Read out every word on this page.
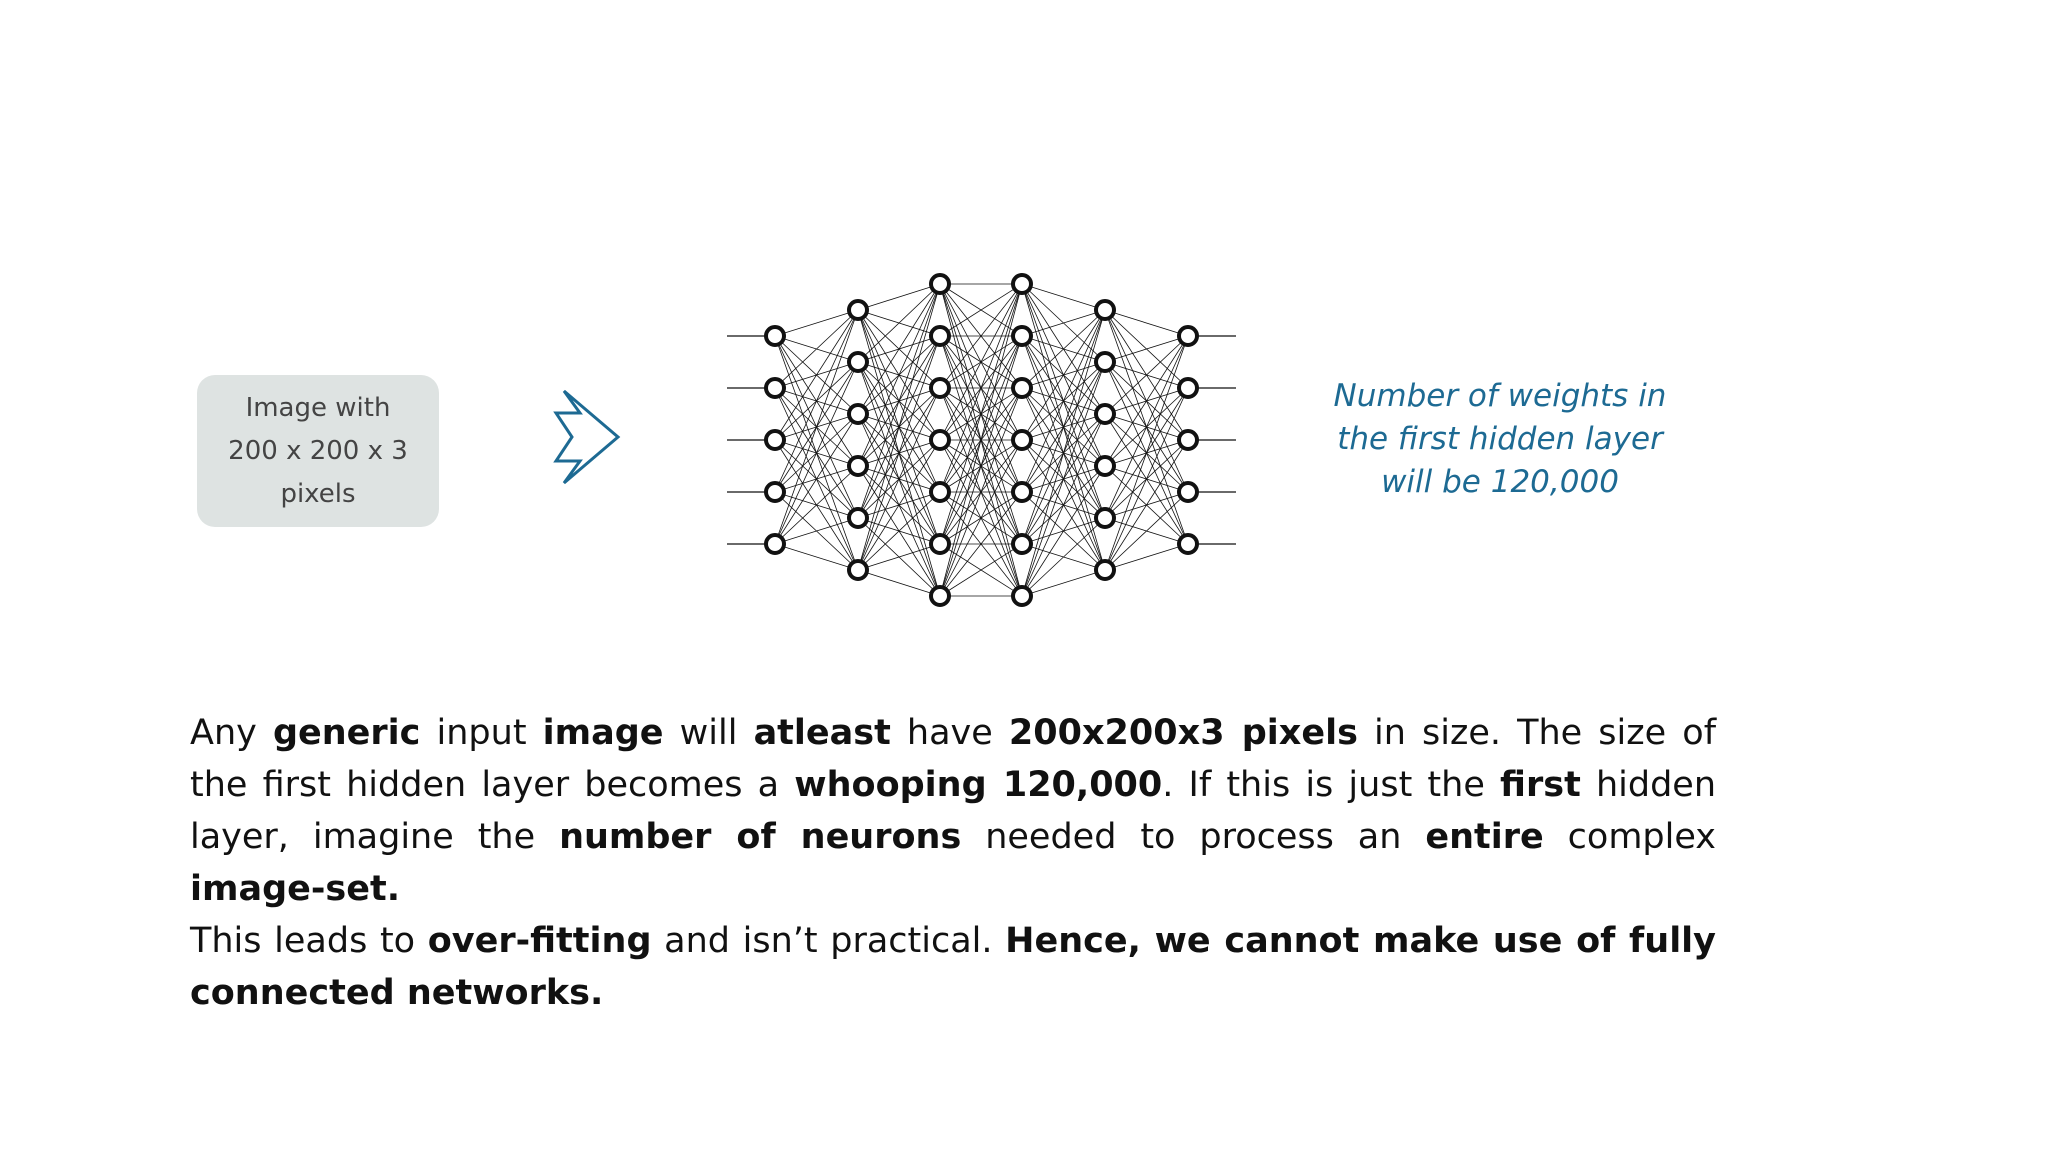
Image with
200 x 200 x 3
pixels
Number of weights in
the first hidden layer
will be 120,000

Any generic input image will atleast have 200x200x3 pixels in size. The size of the first hidden layer becomes a whooping 120,000. If this is just the first hidden layer, imagine the number of neurons needed to process an entire complex image-set.

This leads to over-fitting and isn’t practical. Hence, we cannot make use of fully connected networks.
